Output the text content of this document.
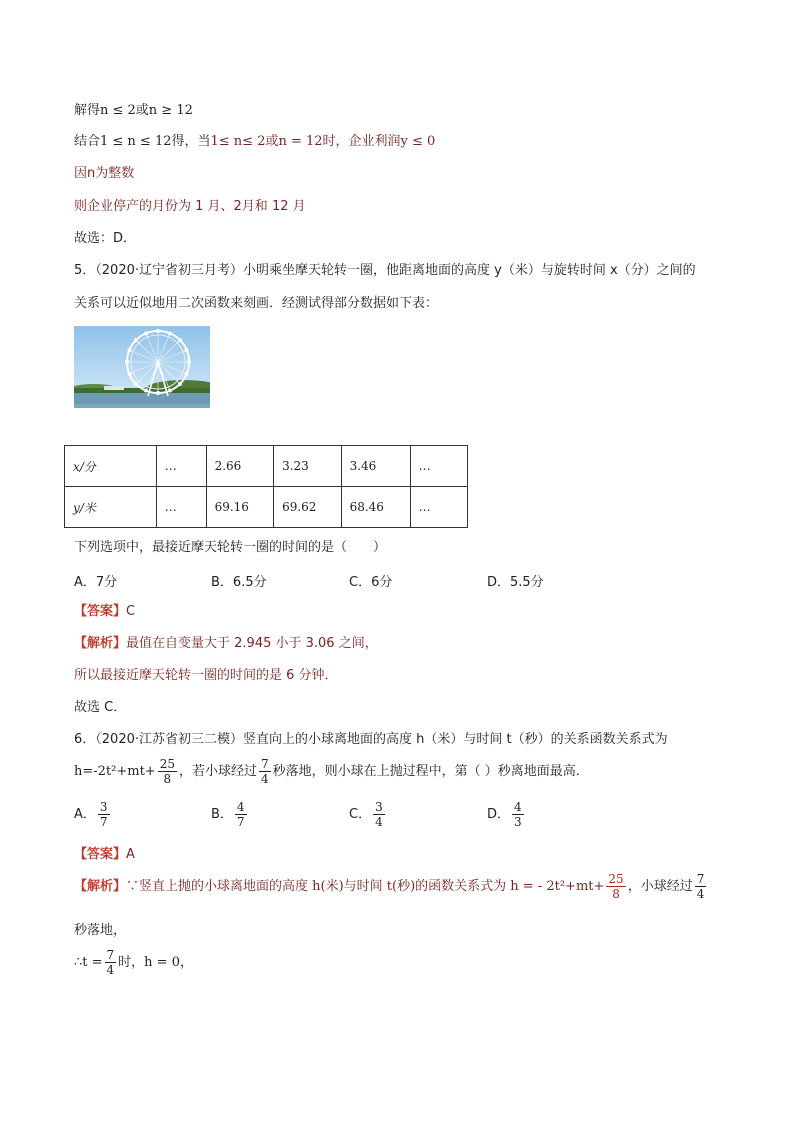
解得n ≤ 2或n ≥ 12
结合1 ≤ n ≤ 12得，当1≤ n≤ 2或n = 12时，企业利润y ≤ 0
因n为整数
则企业停产的月份为 1 月、2月和 12 月
故选：D．
5．（2020·辽宁省初三月考）小明乘坐摩天轮转一圈，他距离地面的高度 y（米）与旋转时间 x（分）之间的
关系可以近似地用二次函数来刻画．经测试得部分数据如下表：
x/分	…	2.66	3.23	3.46	…
y/米	…	69.16	69.62	68.46	…
下列选项中，最接近摩天轮转一圈的时间的是（　　）
A．7分	B．6.5分	C．6分	D．5.5分
【答案】C
【解析】最值在自变量大于 2.945 小于 3.06 之间，
所以最接近摩天轮转一圈的时间的是 6 分钟．
故选 C．
6．（2020·江苏省初三二模）竖直向上的小球离地面的高度 h（米）与时间 t（秒）的关系函数关系式为
$h=-2t^2+mt+ \frac{25}{8}$ ，若小球经过 $\frac{7}{4}$ 秒落地，则小球在上抛过程中，第（ ）秒离地面最高．
A． $\frac{3}{7}$	B． $\frac{4}{7}$	C． $\frac{3}{4}$	D． $\frac{4}{3}$
【答案】A
【解析】∵竖直上抛的小球离地面的高度 h(米)与时间 t(秒)的函数关系式为 h = - $2t^2+mt+ \frac{25}{8}$ ，小球经过 $\frac{7}{4}$
秒落地，
∴t = $\frac{7}{4}$ 时，h = 0，
